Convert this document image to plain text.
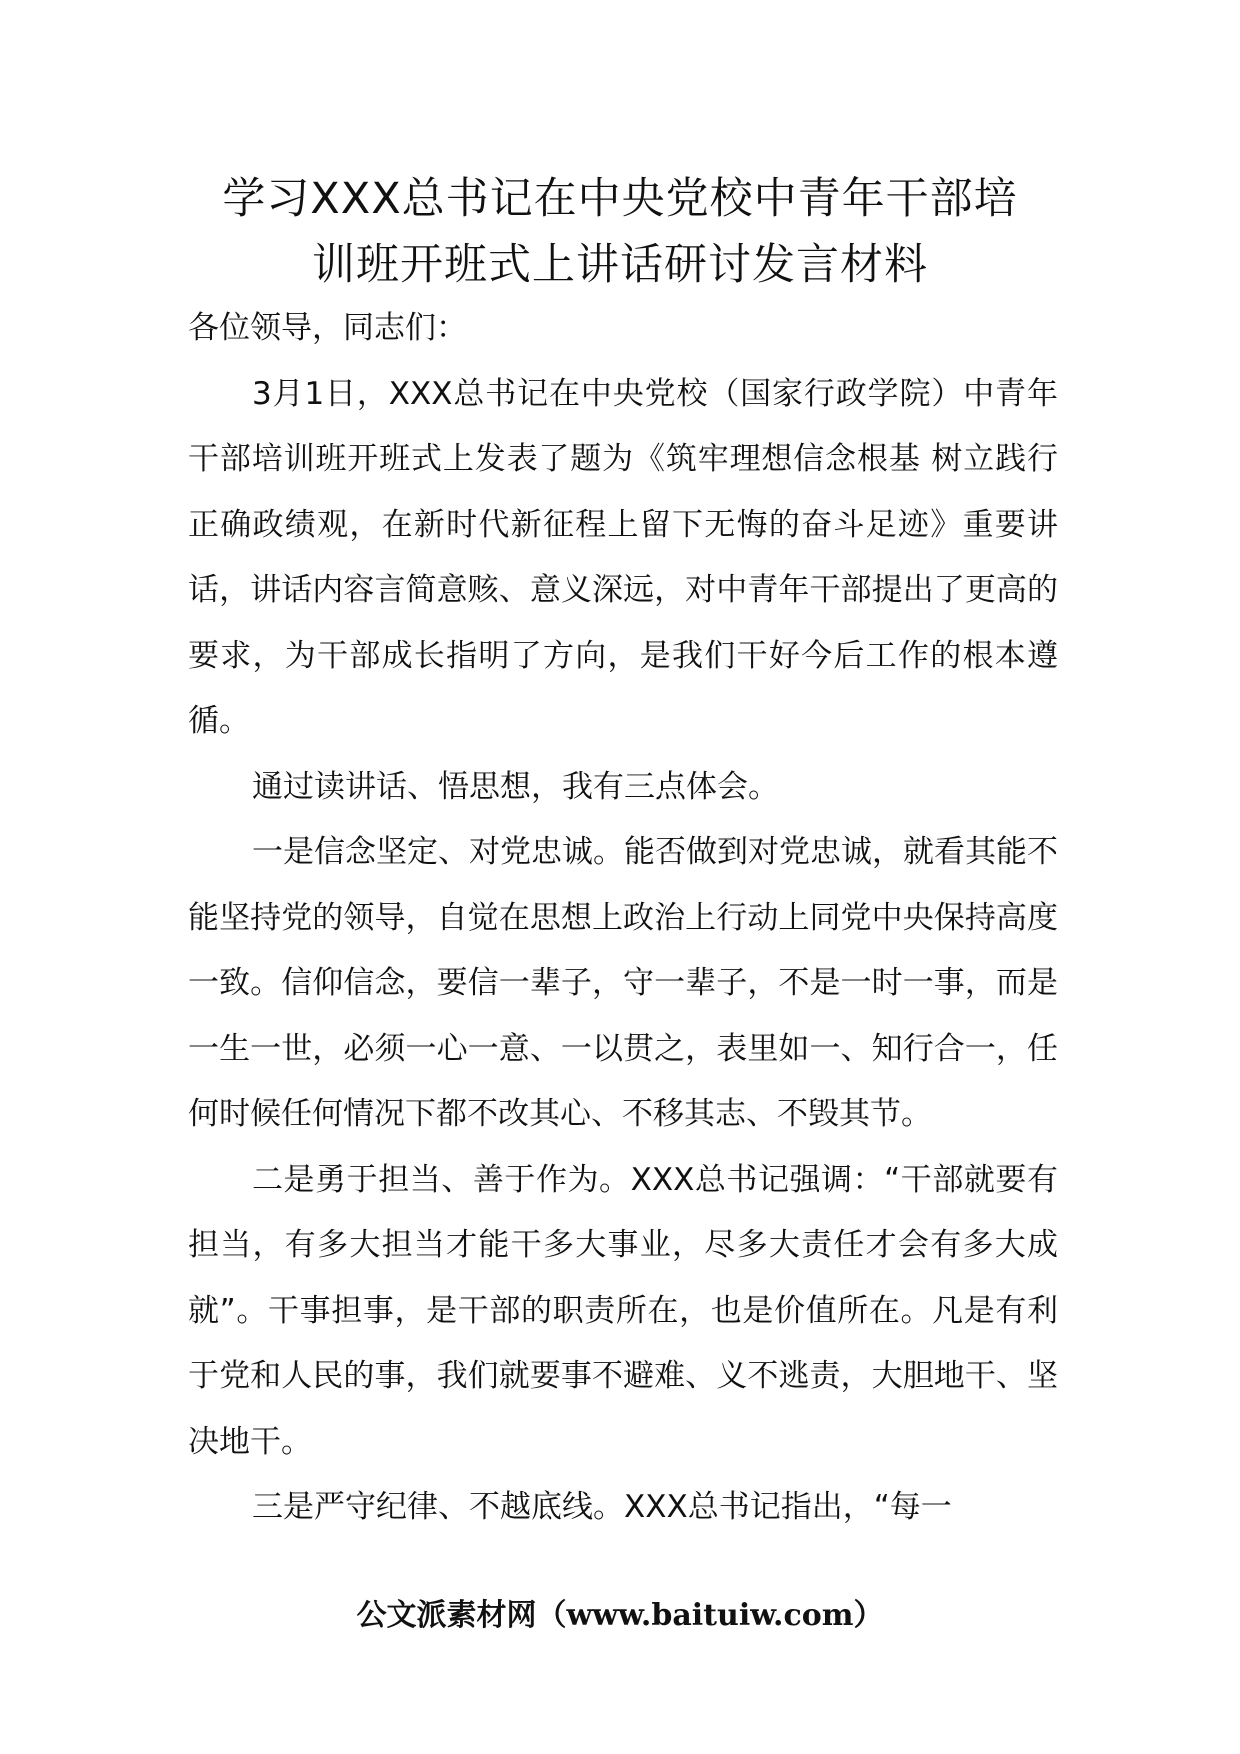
学习XXX总书记在中央党校中青年干部培
训班开班式上讲话研讨发言材料

各位领导，同志们：

3月1日，XXX总书记在中央党校（国家行政学院）中青年干部培训班开班式上发表了题为《筑牢理想信念根基 树立践行正确政绩观，在新时代新征程上留下无悔的奋斗足迹》重要讲话，讲话内容言简意赅、意义深远，对中青年干部提出了更高的要求，为干部成长指明了方向，是我们干好今后工作的根本遵循。

通过读讲话、悟思想，我有三点体会。

一是信念坚定、对党忠诚。能否做到对党忠诚，就看其能不能坚持党的领导，自觉在思想上政治上行动上同党中央保持高度一致。信仰信念，要信一辈子，守一辈子，不是一时一事，而是一生一世，必须一心一意、一以贯之，表里如一、知行合一，任何时候任何情况下都不改其心、不移其志、不毁其节。

二是勇于担当、善于作为。XXX总书记强调：“干部就要有担当，有多大担当才能干多大事业，尽多大责任才会有多大成就”。干事担事，是干部的职责所在，也是价值所在。凡是有利于党和人民的事，我们就要事不避难、义不逃责，大胆地干、坚决地干。

三是严守纪律、不越底线。XXX总书记指出，“每一

公文派素材网（www.baituiw.com）
